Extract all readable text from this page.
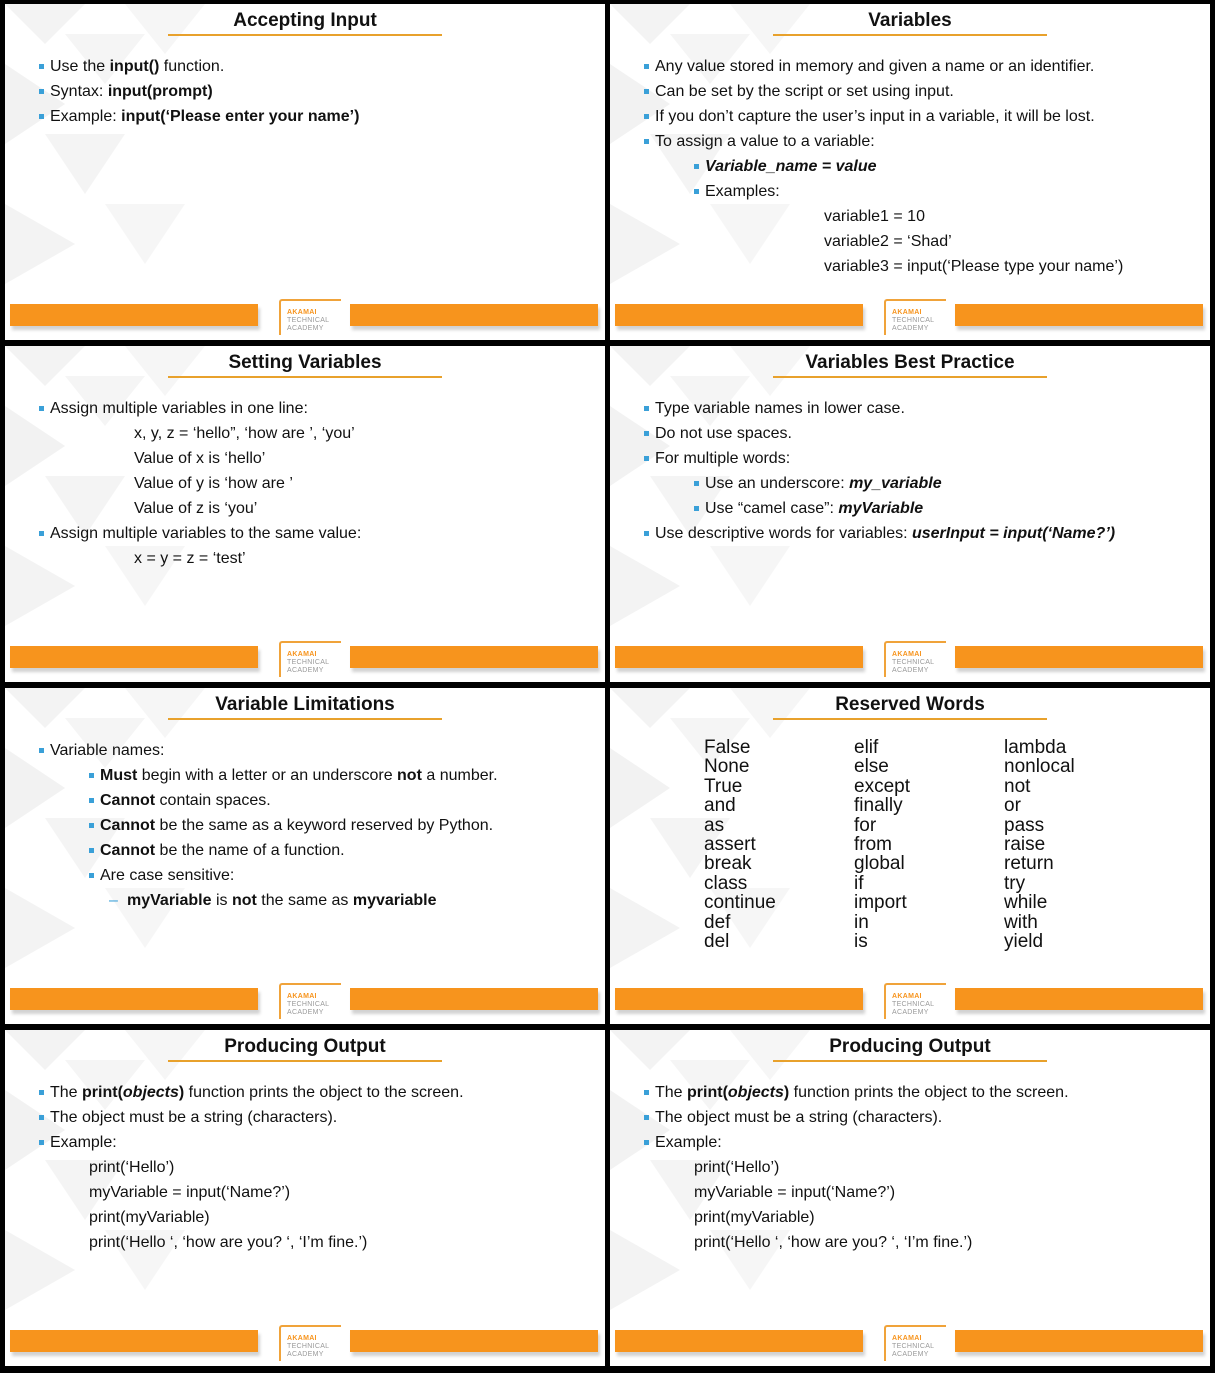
Accepting Input
Use the input() function.
Syntax: input(prompt)
Example: input(‘Please enter your name’)
AKAMAI
TECHNICAL
ACADEMY
Variables
Any value stored in memory and given a name or an identifier.
Can be set by the script or set using input.
If you don’t capture the user’s input in a variable, it will be lost.
To assign a value to a variable:
Variable_name = value
Examples:
variable1 = 10
variable2 = ‘Shad’
variable3 = input(‘Please type your name’)
AKAMAI
TECHNICAL
ACADEMY
Setting Variables
Assign multiple variables in one line:
x, y, z = ‘hello”, ‘how are ’, ‘you’
Value of x is ‘hello’
Value of y is ‘how are ’
Value of z is ‘you’
Assign multiple variables to the same value:
x = y = z = ‘test’
AKAMAI
TECHNICAL
ACADEMY
Variables Best Practice
Type variable names in lower case.
Do not use spaces.
For multiple words:
Use an underscore: my_variable
Use “camel case”: myVariable
Use descriptive words for variables: userInput = input(‘Name?’)
AKAMAI
TECHNICAL
ACADEMY
Variable Limitations
Variable names:
Must begin with a letter or an underscore not a number.
Cannot contain spaces.
Cannot be the same as a keyword reserved by Python.
Cannot be the name of a function.
Are case sensitive:
– myVariable is not the same as myvariable
AKAMAI
TECHNICAL
ACADEMY
Reserved Words
False
None
True
and
as
assert
break
class
continue
def
del
elif
else
except
finally
for
from
global
if
import
in
is
lambda
nonlocal
not
or
pass
raise
return
try
while
with
yield
AKAMAI
TECHNICAL
ACADEMY
Producing Output
The print(objects) function prints the object to the screen.
The object must be a string (characters).
Example:
print(‘Hello’)
myVariable = input(‘Name?’)
print(myVariable)
print(‘Hello ‘, ‘how are you? ‘, ‘I’m fine.’)
AKAMAI
TECHNICAL
ACADEMY
Producing Output
The print(objects) function prints the object to the screen.
The object must be a string (characters).
Example:
print(‘Hello’)
myVariable = input(‘Name?’)
print(myVariable)
print(‘Hello ‘, ‘how are you? ‘, ‘I’m fine.’)
AKAMAI
TECHNICAL
ACADEMY
